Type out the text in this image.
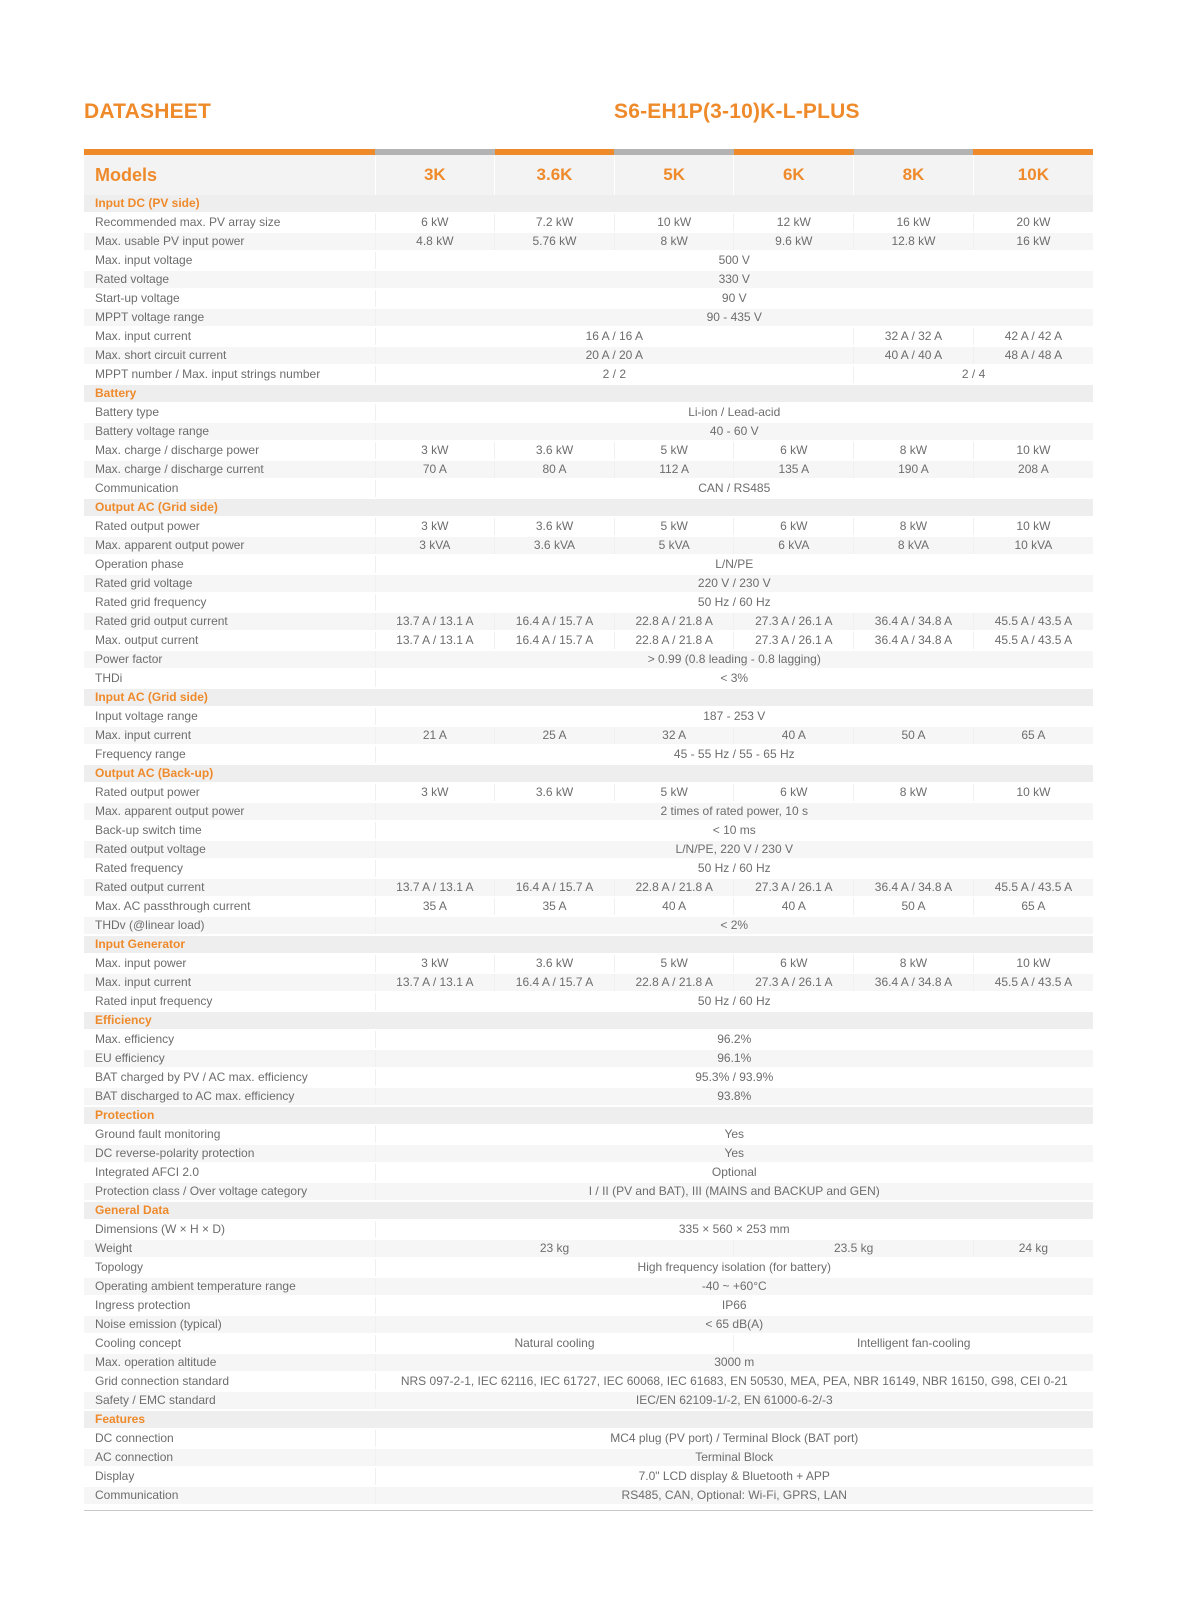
DATASHEET	S6-EH1P(3-10)K-L-PLUS

Models	3K	3.6K	5K	6K	8K	10K
Input DC (PV side)						
Recommended max. PV array size	6 kW	7.2 kW	10 kW	12 kW	16 kW	20 kW
Max. usable PV input power	4.8 kW	5.76 kW	8 kW	9.6 kW	12.8 kW	16 kW
Max. input voltage	500 V					
Rated voltage	330 V					
Start-up voltage	90 V					
MPPT voltage range	90 - 435 V					
Max. input current	16 A / 16 A				32 A / 32 A	42 A / 42 A
Max. short circuit current	20 A / 20 A				40 A / 40 A	48 A / 48 A
MPPT number / Max. input strings number	2 / 2				2 / 4	
Battery						
Battery type	Li-ion / Lead-acid					
Battery voltage range	40 - 60 V					
Max. charge / discharge power	3 kW	3.6 kW	5 kW	6 kW	8 kW	10 kW
Max. charge / discharge current	70 A	80 A	112 A	135 A	190 A	208 A
Communication	CAN / RS485					
Output AC (Grid side)						
Rated output power	3 kW	3.6 kW	5 kW	6 kW	8 kW	10 kW
Max. apparent output power	3 kVA	3.6 kVA	5 kVA	6 kVA	8 kVA	10 kVA
Operation phase	L/N/PE					
Rated grid voltage	220 V / 230 V					
Rated grid frequency	50 Hz / 60 Hz					
Rated grid output current	13.7 A / 13.1 A	16.4 A / 15.7 A	22.8 A / 21.8 A	27.3 A / 26.1 A	36.4 A / 34.8 A	45.5 A / 43.5 A
Max. output current	13.7 A / 13.1 A	16.4 A / 15.7 A	22.8 A / 21.8 A	27.3 A / 26.1 A	36.4 A / 34.8 A	45.5 A / 43.5 A
Power factor	> 0.99 (0.8 leading - 0.8 lagging)					
THDi	< 3%					
Input AC (Grid side)						
Input voltage range	187 - 253 V					
Max. input current	21 A	25 A	32 A	40 A	50 A	65 A
Frequency range	45 - 55 Hz / 55 - 65 Hz					
Output AC (Back-up)						
Rated output power	3 kW	3.6 kW	5 kW	6 kW	8 kW	10 kW
Max. apparent output power	2 times of rated power, 10 s					
Back-up switch time	< 10 ms					
Rated output voltage	L/N/PE, 220 V / 230 V					
Rated frequency	50 Hz / 60 Hz					
Rated output current	13.7 A / 13.1 A	16.4 A / 15.7 A	22.8 A / 21.8 A	27.3 A / 26.1 A	36.4 A / 34.8 A	45.5 A / 43.5 A
Max. AC passthrough current	35 A	35 A	40 A	40 A	50 A	65 A
THDv (@linear load)	< 2%					
Input Generator						
Max. input power	3 kW	3.6 kW	5 kW	6 kW	8 kW	10 kW
Max. input current	13.7 A / 13.1 A	16.4 A / 15.7 A	22.8 A / 21.8 A	27.3 A / 26.1 A	36.4 A / 34.8 A	45.5 A / 43.5 A
Rated input frequency	50 Hz / 60 Hz					
Efficiency						
Max. efficiency	96.2%					
EU efficiency	96.1%					
BAT charged by PV / AC max. efficiency	95.3% / 93.9%					
BAT discharged to AC max. efficiency	93.8%					
Protection						
Ground fault monitoring	Yes					
DC reverse-polarity protection	Yes					
Integrated AFCI 2.0	Optional					
Protection class / Over voltage category	I / II (PV and BAT), III (MAINS and BACKUP and GEN)					
General Data						
Dimensions (W × H × D)	335 × 560 × 253 mm					
Weight	23 kg			23.5 kg		24 kg
Topology	High frequency isolation (for battery)					
Operating ambient temperature range	-40 ~ +60°C					
Ingress protection	IP66					
Noise emission (typical)	< 65 dB(A)					
Cooling concept	Natural cooling			Intelligent fan-cooling		
Max. operation altitude	3000 m					
Grid connection standard	NRS 097-2-1, IEC 62116, IEC 61727, IEC 60068, IEC 61683, EN 50530, MEA, PEA, NBR 16149, NBR 16150, G98, CEI 0-21					
Safety / EMC standard	IEC/EN 62109-1/-2, EN 61000-6-2/-3					
Features						
DC connection	MC4 plug (PV port) / Terminal Block (BAT port)					
AC connection	Terminal Block					
Display	7.0" LCD display & Bluetooth + APP					
Communication	RS485, CAN, Optional: Wi-Fi, GPRS, LAN					
